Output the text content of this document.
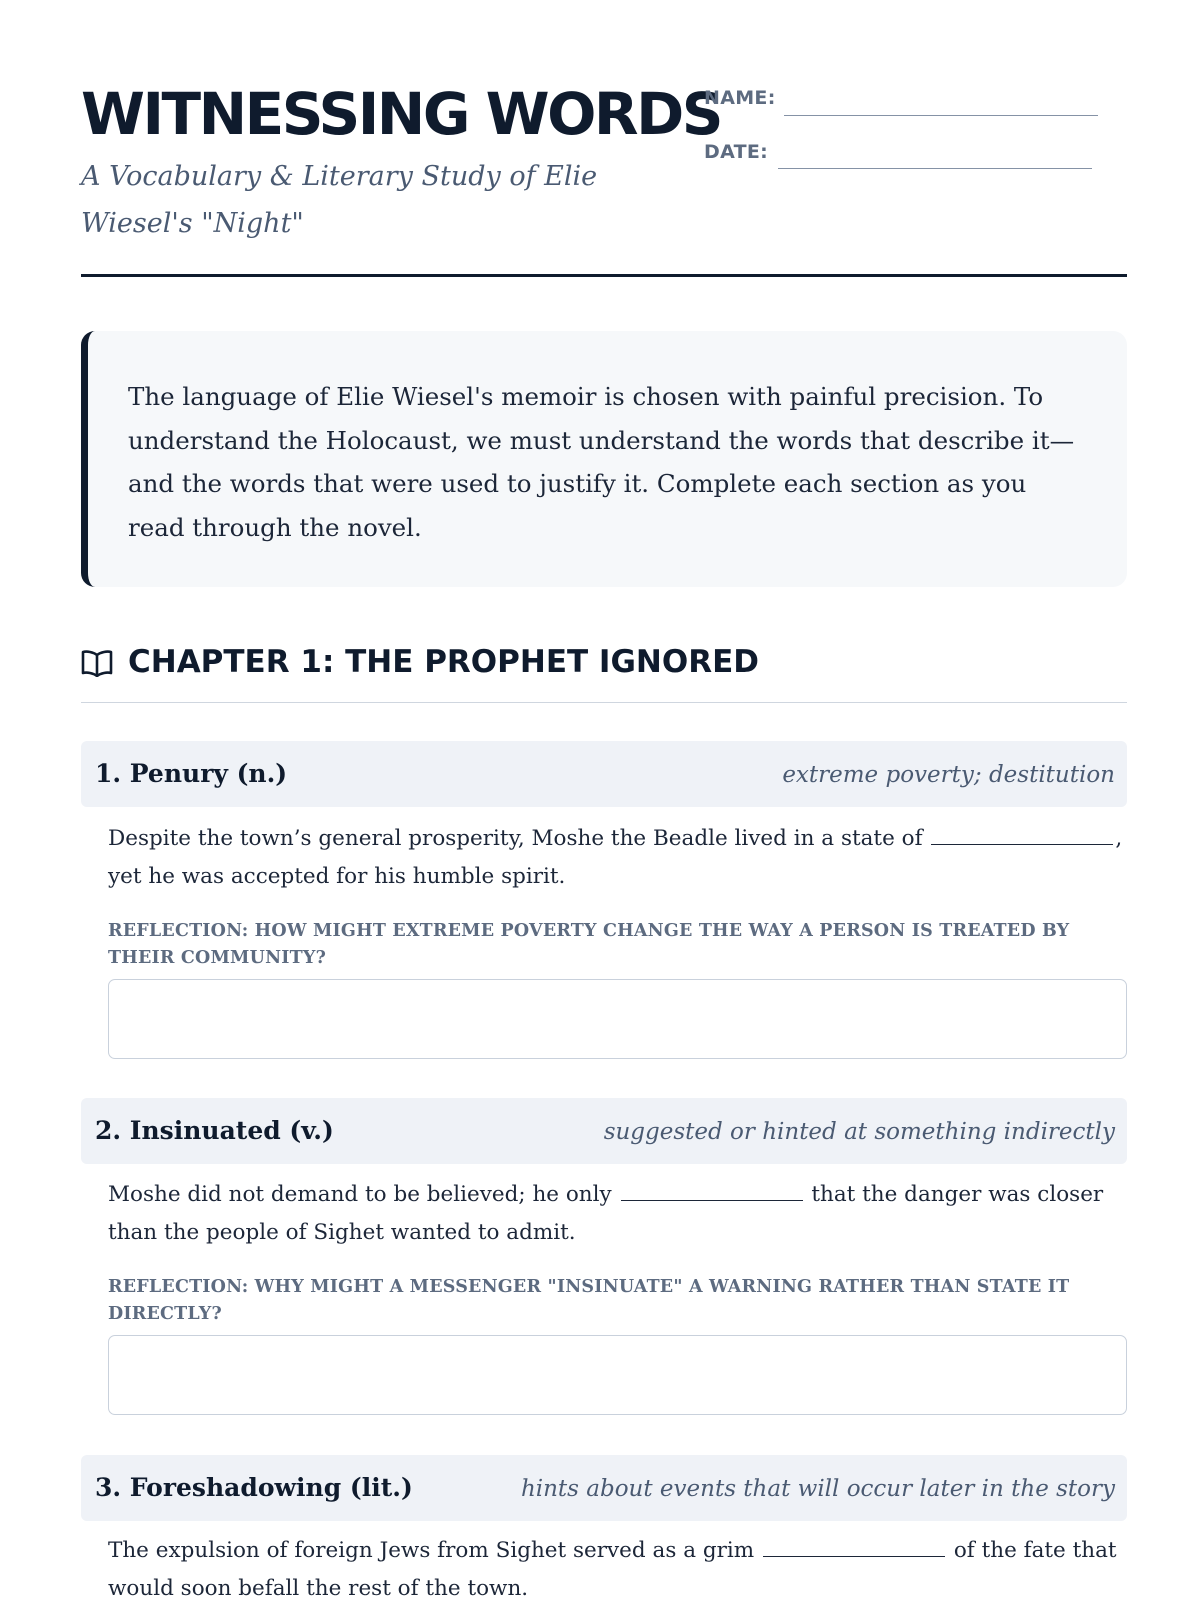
WITNESSING WORDS
A Vocabulary & Literary Study of Elie Wiesel's "Night"
NAME:
DATE:
The language of Elie Wiesel's memoir is chosen with painful precision. To understand the Holocaust, we must understand the words that describe it—and the words that were used to justify it. Complete each section as you read through the novel.
CHAPTER 1: THE PROPHET IGNORED
1. Penury (n.)	extreme poverty; destitution
Despite the town’s general prosperity, Moshe the Beadle lived in a state of	, yet he was accepted for his humble spirit.
REFLECTION: HOW MIGHT EXTREME POVERTY CHANGE THE WAY A PERSON IS TREATED BY THEIR COMMUNITY?
2. Insinuated (v.)	suggested or hinted at something indirectly
Moshe did not demand to be believed; he only	that the danger was closer than the people of Sighet wanted to admit.
REFLECTION: WHY MIGHT A MESSENGER "INSINUATE" A WARNING RATHER THAN STATE IT DIRECTLY?
3. Foreshadowing (lit.)	hints about events that will occur later in the story
The expulsion of foreign Jews from Sighet served as a grim	of the fate that would soon befall the rest of the town.
